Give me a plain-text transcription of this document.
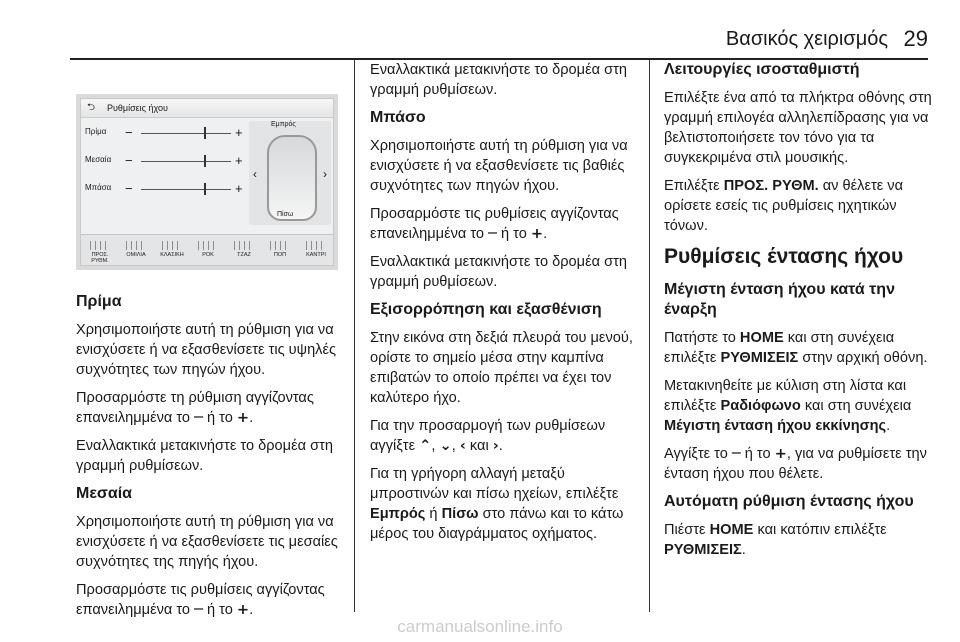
Βασικός χειρισμός 29
⮌ Ρυθμίσεις ήχου
Πρίμα −	+
Μεσαία −	+
Μπάσα −	+
Εμπρός
‹	›
Πίσω
ΠΡΟΣ. ΡΥΘΜ.
ΟΜΙΛΙΑ	ΚΛΑΣΙΚΗ	ΡΟΚ	ΤΖΑΖ	ΠΟΠ	ΚΑΝΤΡΙ
Πρίμα

Χρησιμοποιήστε αυτή τη ρύθμιση για να ενισχύσετε ή να εξασθενίσετε τις υψηλές συχνότητες των πηγών ήχου.

Προσαρμόστε τη ρύθμιση αγγίζοντας επανειλημμένα το ─ ή το +.

Εναλλακτικά μετακινήστε το δρομέα στη γραμμή ρυθμίσεων.

Μεσαία

Χρησιμοποιήστε αυτή τη ρύθμιση για να ενισχύσετε ή να εξασθενίσετε τις μεσαίες συχνότητες της πηγής ήχου.

Προσαρμόστε τις ρυθμίσεις αγγίζοντας επανειλημμένα το ─ ή το +.

Εναλλακτικά μετακινήστε το δρομέα στη γραμμή ρυθμίσεων.

Μπάσο

Χρησιμοποιήστε αυτή τη ρύθμιση για να ενισχύσετε ή να εξασθενίσετε τις βαθιές συχνότητες των πηγών ήχου.

Προσαρμόστε τις ρυθμίσεις αγγίζοντας επανειλημμένα το ─ ή το +.

Εναλλακτικά μετακινήστε το δρομέα στη γραμμή ρυθμίσεων.

Εξισορρόπηση και εξασθένιση

Στην εικόνα στη δεξιά πλευρά του μενού, ορίστε το σημείο μέσα στην καμπίνα επιβατών το οποίο πρέπει να έχει τον καλύτερο ήχο.

Για την προσαρμογή των ρυθμίσεων αγγίξτε ⌃, ⌄, ‹ και ›.

Για τη γρήγορη αλλαγή μεταξύ μπροστινών και πίσω ηχείων, επιλέξτε Εμπρός ή Πίσω στο πάνω και το κάτω μέρος του διαγράμματος οχήματος.

Λειτουργίες ισοσταθμιστή

Επιλέξτε ένα από τα πλήκτρα οθόνης στη γραμμή επιλογέα αλληλεπίδρασης για να βελτιστοποιήσετε τον τόνο για τα συγκεκριμένα στιλ μουσικής.

Επιλέξτε ΠΡΟΣ. ΡΥΘΜ. αν θέλετε να ορίσετε εσείς τις ρυθμίσεις ηχητικών τόνων.

Ρυθμίσεις έντασης ήχου
Μέγιστη ένταση ήχου κατά την έναρξη

Πατήστε το HOME και στη συνέχεια επιλέξτε ΡΥΘΜΙΣΕΙΣ στην αρχική οθόνη.

Μετακινηθείτε με κύλιση στη λίστα και επιλέξτε Ραδιόφωνο και στη συνέχεια Μέγιστη ένταση ήχου εκκίνησης.

Αγγίξτε το ─ ή το +, για να ρυθμίσετε την ένταση ήχου που θέλετε.

Αυτόματη ρύθμιση έντασης ήχου

Πιέστε HOME και κατόπιν επιλέξτε ΡΥΘΜΙΣΕΙΣ.

carmanualsonline.info
